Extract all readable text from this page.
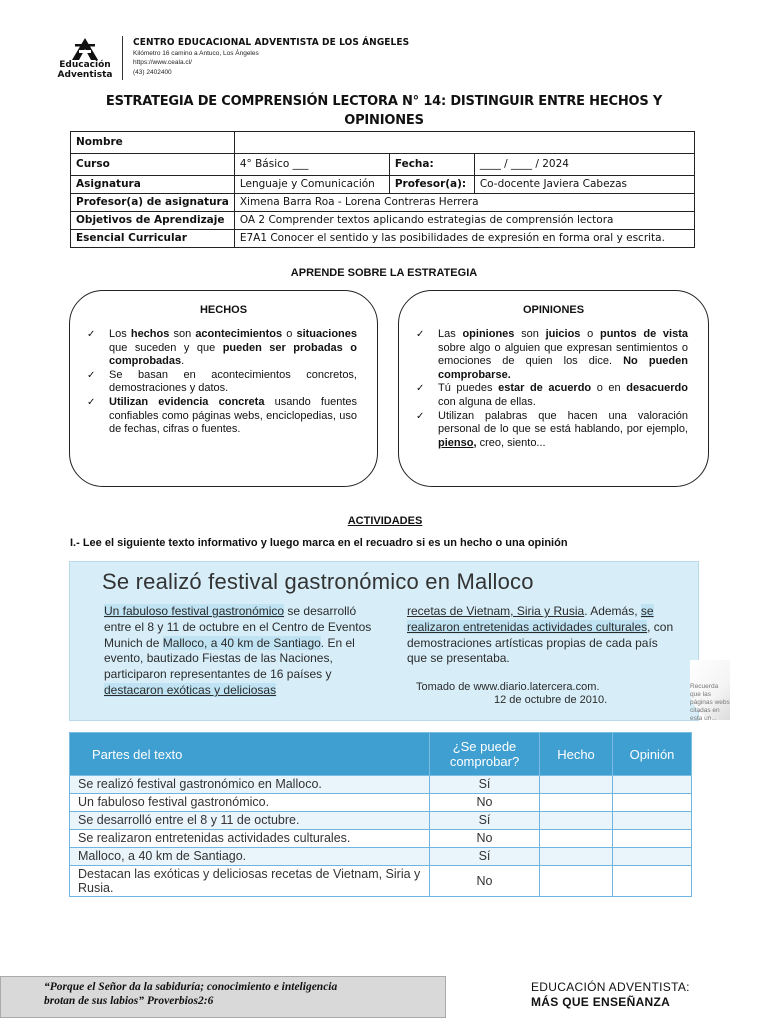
Educación
Adventista
CENTRO EDUCACIONAL ADVENTISTA DE LOS ÁNGELES
Kilómetro 16 camino a Antuco, Los Ángeles
https://www.ceala.cl/
(43) 2402400
ESTRATEGIA DE COMPRENSIÓN LECTORA N° 14: DISTINGUIR ENTRE HECHOS Y
OPINIONES
Nombre			
Curso	4° Básico ___	Fecha:	____ / ____ / 2024
Asignatura	Lenguaje y Comunicación	Profesor(a):	Co-docente Javiera Cabezas
Profesor(a) de asignatura	Ximena Barra Roa - Lorena Contreras Herrera		
Objetivos de Aprendizaje	OA 2 Comprender textos aplicando estrategias de comprensión lectora		
Esencial Curricular	E7A1 Conocer el sentido y las posibilidades de expresión en forma oral y escrita.		
APRENDE SOBRE LA ESTRATEGIA
HECHOS
✓ Los hechos son acontecimientos o situaciones que suceden y que pueden ser probadas o comprobadas.
✓ Se basan en acontecimientos concretos, demostraciones y datos.
✓ Utilizan evidencia concreta usando fuentes confiables como páginas webs, enciclopedias, uso de fechas, cifras o fuentes.
OPINIONES
✓ Las opiniones son juicios o puntos de vista sobre algo o alguien que expresan sentimientos o emociones de quien los dice. No pueden comprobarse.
✓ Tú puedes estar de acuerdo o en desacuerdo con alguna de ellas.
✓ Utilizan palabras que hacen una valoración personal de lo que se está hablando, por ejemplo, pienso, creo, siento...
ACTIVIDADES
I.- Lee el siguiente texto informativo y luego marca en el recuadro si es un hecho o una opinión
Se realizó festival gastronómico en Malloco
Un fabuloso festival gastronómico se desarrolló entre el 8 y 11 de octubre en el Centro de Eventos Munich de Malloco, a 40 km de Santiago. En el evento, bautizado Fiestas de las Naciones, participaron representantes de 16 países y destacaron exóticas y deliciosas
recetas de Vietnam, Siria y Rusia. Además, se realizaron entretenidas actividades culturales, con demostraciones artísticas propias de cada país que se presentaba.
Tomado de www.diario.latercera.com.
12 de octubre de 2010.
Recuerda que las páginas webs citadas en esta un...
Partes del texto	¿Se puede comprobar?	Hecho	Opinión
Se realizó festival gastronómico en Malloco.	Sí		
Un fabuloso festival gastronómico.	No		
Se desarrolló entre el 8 y 11 de octubre.	Sí		
Se realizaron entretenidas actividades culturales.	No		
Malloco, a 40 km de Santiago.	Sí		
Destacan las exóticas y deliciosas recetas de Vietnam, Siria y Rusia.	No		
“Porque el Señor da la sabiduría; conocimiento e inteligencia
brotan de sus labios” Proverbios2:6
EDUCACIÓN ADVENTISTA:
MÁS QUE ENSEÑANZA
